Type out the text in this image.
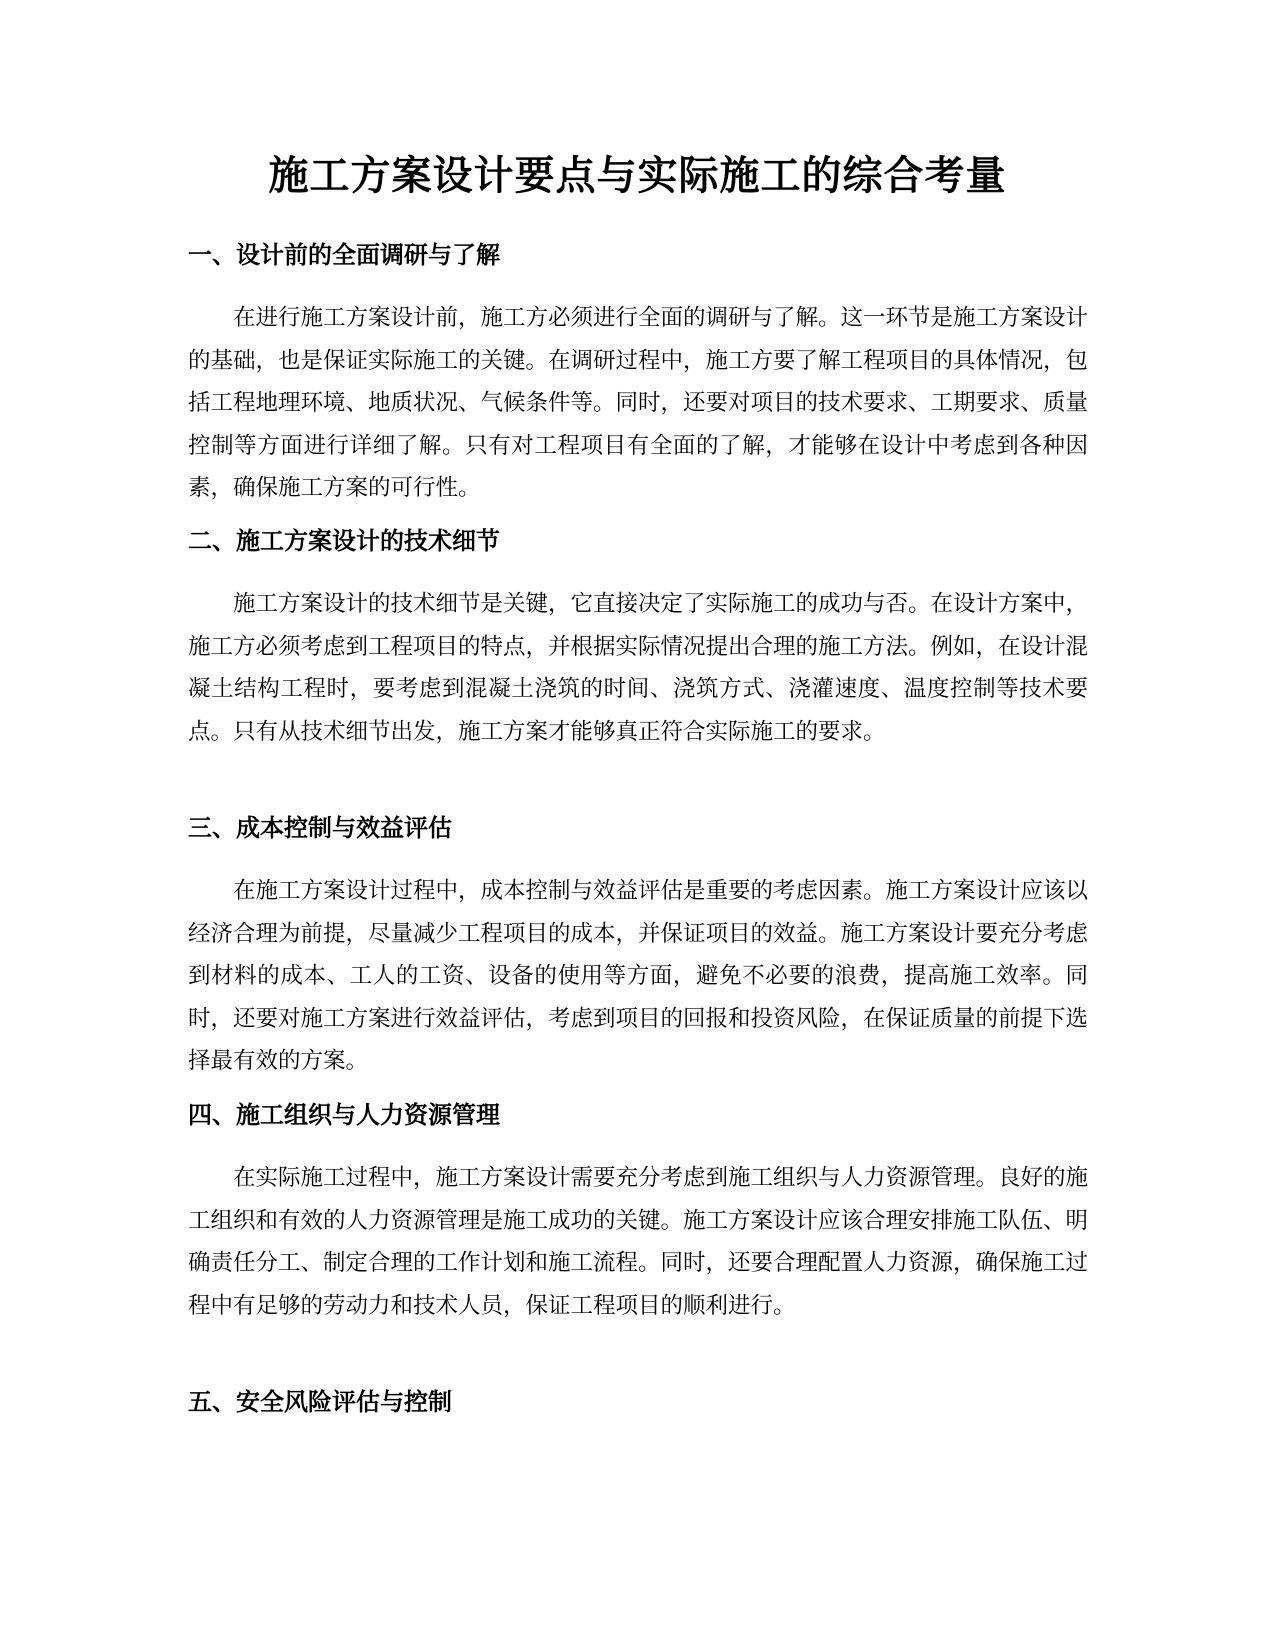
施工方案设计要点与实际施工的综合考量
一、设计前的全面调研与了解

在进行施工方案设计前，施工方必须进行全面的调研与了解。这一环节是施工方案设计的基础，也是保证实际施工的关键。在调研过程中，施工方要了解工程项目的具体情况，包括工程地理环境、地质状况、气候条件等。同时，还要对项目的技术要求、工期要求、质量控制等方面进行详细了解。只有对工程项目有全面的了解，才能够在设计中考虑到各种因素，确保施工方案的可行性。

二、施工方案设计的技术细节

施工方案设计的技术细节是关键，它直接决定了实际施工的成功与否。在设计方案中，施工方必须考虑到工程项目的特点，并根据实际情况提出合理的施工方法。例如，在设计混凝土结构工程时，要考虑到混凝土浇筑的时间、浇筑方式、浇灌速度、温度控制等技术要点。只有从技术细节出发，施工方案才能够真正符合实际施工的要求。

三、成本控制与效益评估

在施工方案设计过程中，成本控制与效益评估是重要的考虑因素。施工方案设计应该以经济合理为前提，尽量减少工程项目的成本，并保证项目的效益。施工方案设计要充分考虑到材料的成本、工人的工资、设备的使用等方面，避免不必要的浪费，提高施工效率。同时，还要对施工方案进行效益评估，考虑到项目的回报和投资风险，在保证质量的前提下选择最有效的方案。

四、施工组织与人力资源管理

在实际施工过程中，施工方案设计需要充分考虑到施工组织与人力资源管理。良好的施工组织和有效的人力资源管理是施工成功的关键。施工方案设计应该合理安排施工队伍、明确责任分工、制定合理的工作计划和施工流程。同时，还要合理配置人力资源，确保施工过程中有足够的劳动力和技术人员，保证工程项目的顺利进行。

五、安全风险评估与控制
